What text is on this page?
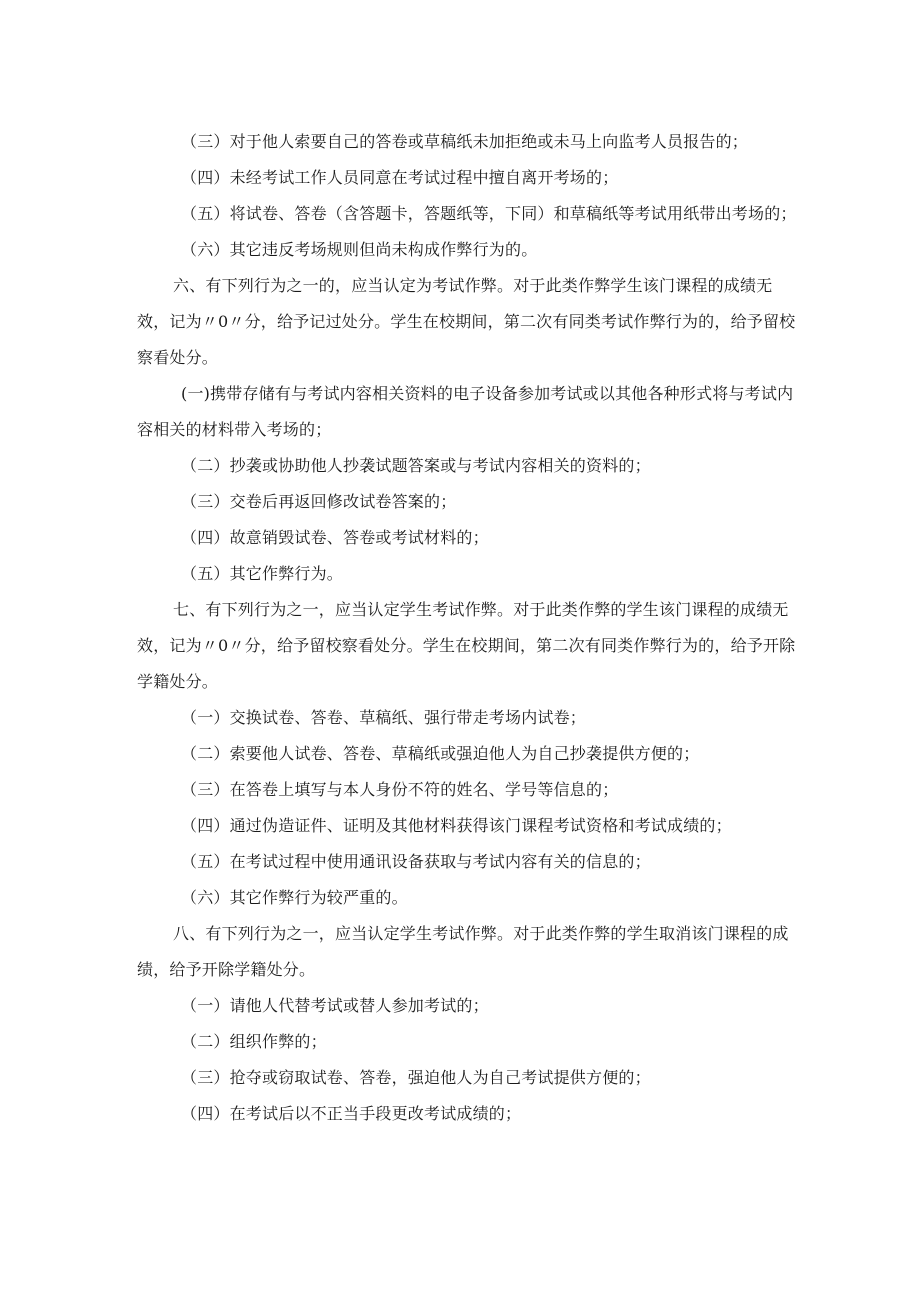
（三）对于他人索要自己的答卷或草稿纸未加拒绝或未马上向监考人员报告的；

（四）未经考试工作人员同意在考试过程中擅自离开考场的；

（五）将试卷、答卷（含答题卡，答题纸等，下同）和草稿纸等考试用纸带出考场的；

（六）其它违反考场规则但尚未构成作弊行为的。

六、有下列行为之一的，应当认定为考试作弊。对于此类作弊学生该门课程的成绩无效，记为〃0〃分，给予记过处分。学生在校期间，第二次有同类考试作弊行为的，给予留校察看处分。

(一)携带存储有与考试内容相关资料的电子设备参加考试或以其他各种形式将与考试内容相关的材料带入考场的；

（二）抄袭或协助他人抄袭试题答案或与考试内容相关的资料的；

（三）交卷后再返回修改试卷答案的；

（四）故意销毁试卷、答卷或考试材料的；

（五）其它作弊行为。

七、有下列行为之一，应当认定学生考试作弊。对于此类作弊的学生该门课程的成绩无效，记为〃0〃分，给予留校察看处分。学生在校期间，第二次有同类作弊行为的，给予开除学籍处分。

（一）交换试卷、答卷、草稿纸、强行带走考场内试卷；

（二）索要他人试卷、答卷、草稿纸或强迫他人为自己抄袭提供方便的；

（三）在答卷上填写与本人身份不符的姓名、学号等信息的；

（四）通过伪造证件、证明及其他材料获得该门课程考试资格和考试成绩的；

（五）在考试过程中使用通讯设备获取与考试内容有关的信息的；

（六）其它作弊行为较严重的。

八、有下列行为之一，应当认定学生考试作弊。对于此类作弊的学生取消该门课程的成绩，给予开除学籍处分。

（一）请他人代替考试或替人参加考试的；

（二）组织作弊的；

（三）抢夺或窃取试卷、答卷，强迫他人为自己考试提供方便的；

（四）在考试后以不正当手段更改考试成绩的；
